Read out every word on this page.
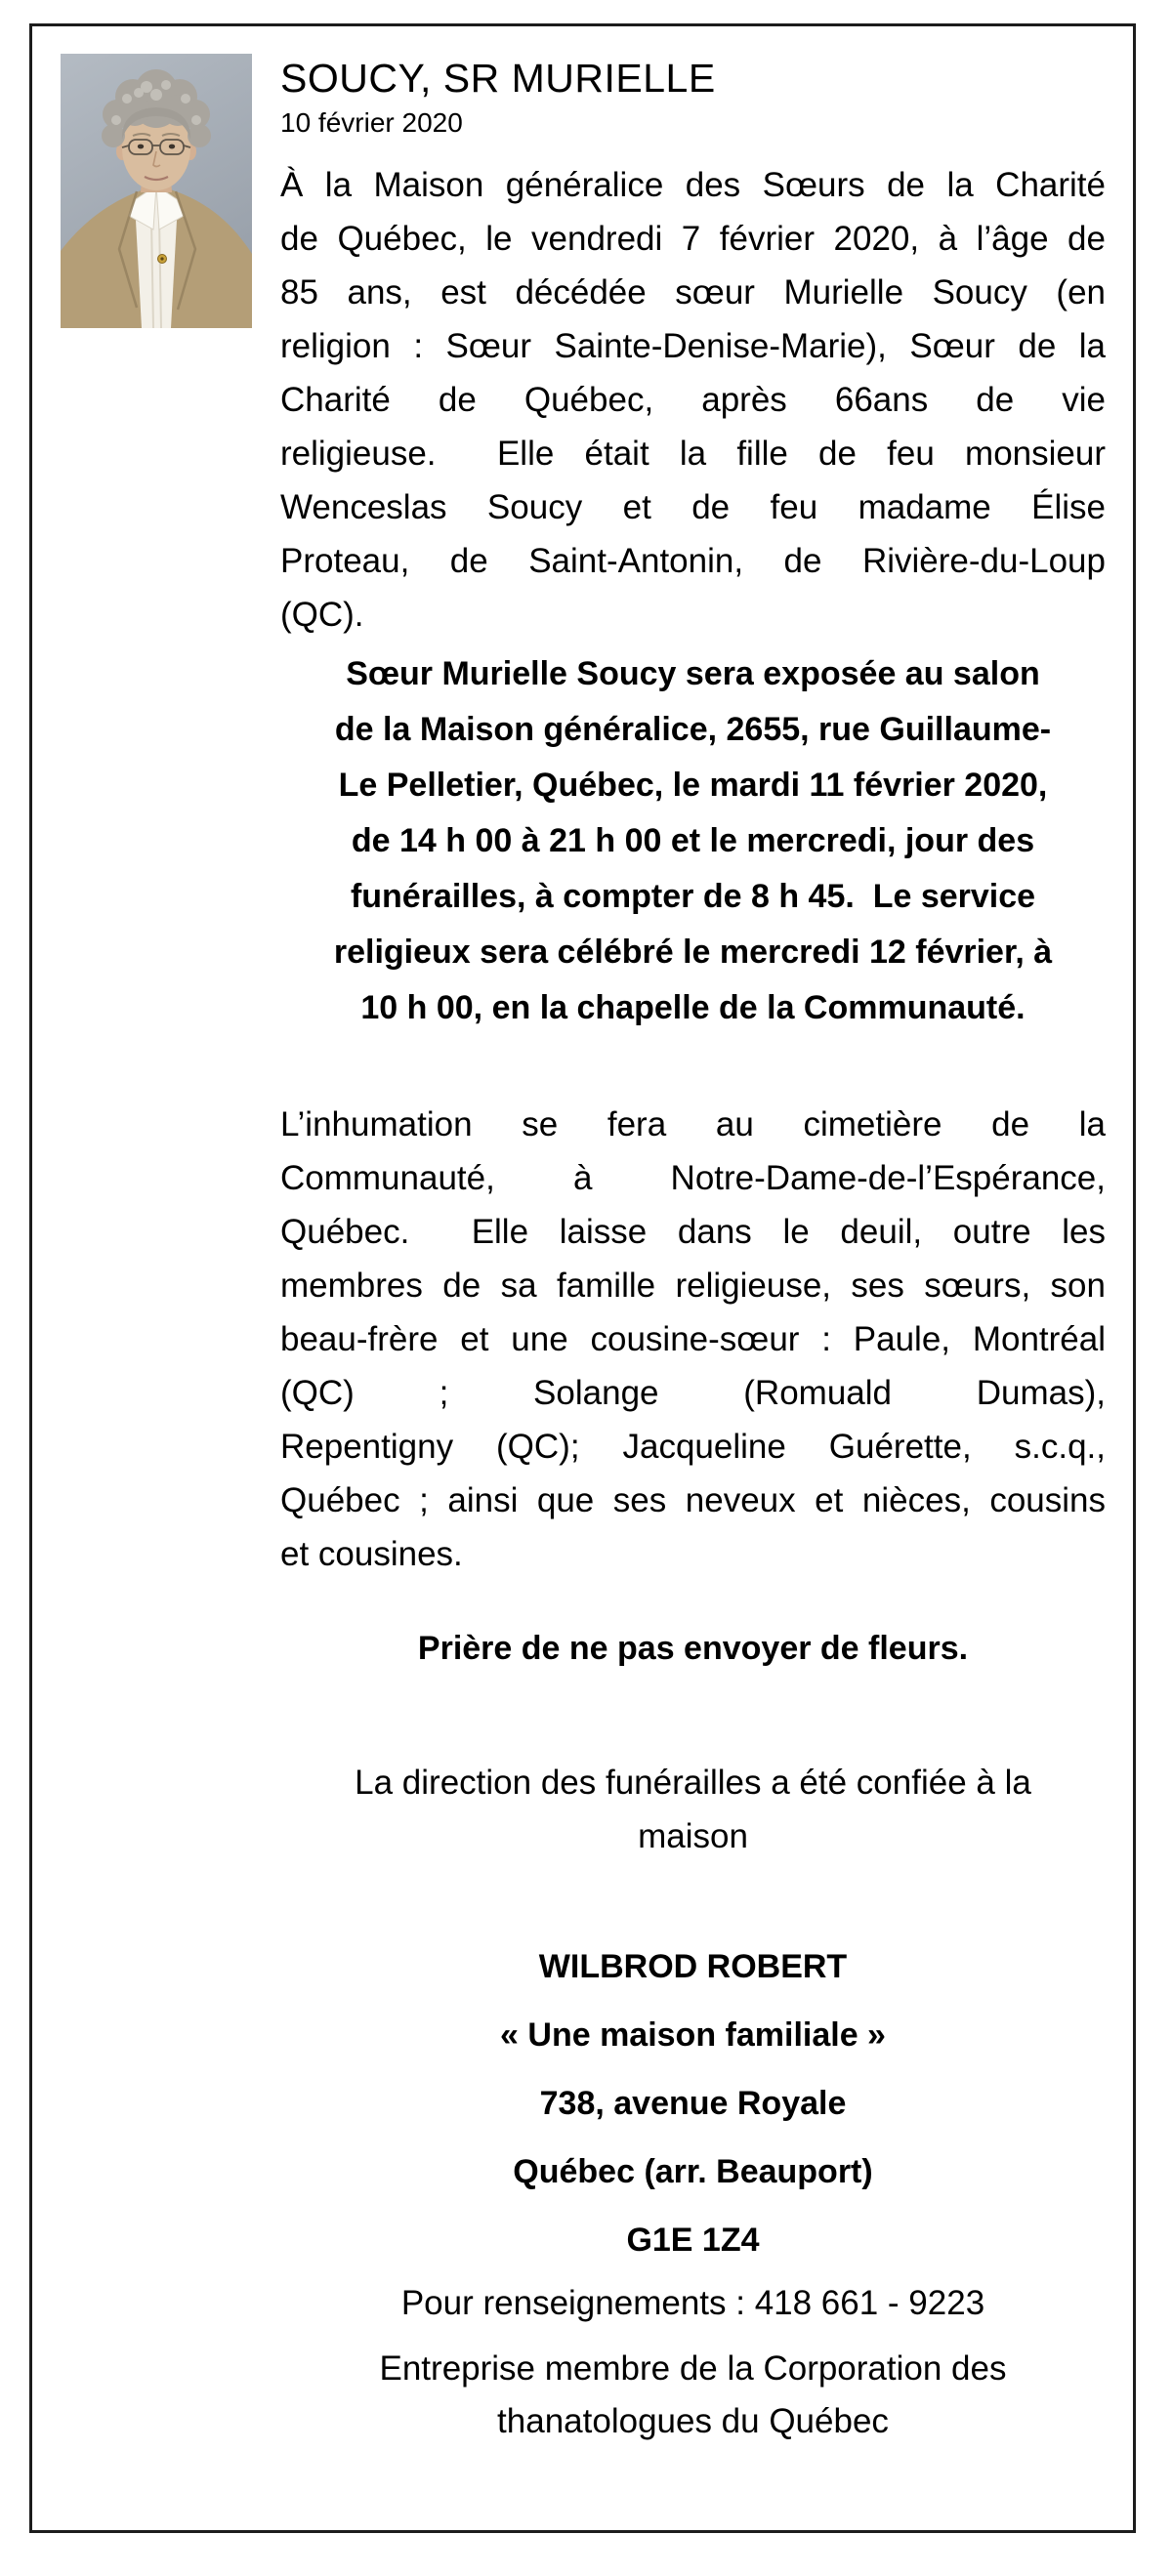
SOUCY, SR MURIELLE
10 février 2020
À la Maison généralice des Sœurs de la Charité
de Québec, le vendredi 7 février 2020, à l’âge de
85 ans, est décédée sœur Murielle Soucy (en
religion : Sœur Sainte-Denise-Marie), Sœur de la
Charité de Québec, après 66ans de vie
religieuse.  Elle était la fille de feu monsieur
Wenceslas Soucy et de feu madame Élise
Proteau, de Saint-Antonin, de Rivière-du-Loup
(QC).
Sœur Murielle Soucy sera exposée au salon
de la Maison généralice, 2655, rue Guillaume-
Le Pelletier, Québec, le mardi 11 février 2020,
de 14 h 00 à 21 h 00 et le mercredi, jour des
funérailles, à compter de 8 h 45.  Le service
religieux sera célébré le mercredi 12 février, à
10 h 00, en la chapelle de la Communauté.
L’inhumation se fera au cimetière de la
Communauté, à Notre-Dame-de-l’Espérance,
Québec.  Elle laisse dans le deuil, outre les
membres de sa famille religieuse, ses sœurs, son
beau-frère et une cousine-sœur : Paule, Montréal
(QC) ; Solange (Romuald Dumas),
Repentigny (QC); Jacqueline Guérette, s.c.q.,
Québec ; ainsi que ses neveux et nièces, cousins
et cousines.
Prière de ne pas envoyer de fleurs.
La direction des funérailles a été confiée à la
maison
WILBROD ROBERT
« Une maison familiale »
738, avenue Royale
Québec (arr. Beauport)
G1E 1Z4
Pour renseignements : 418 661 - 9223
Entreprise membre de la Corporation des
thanatologues du Québec
